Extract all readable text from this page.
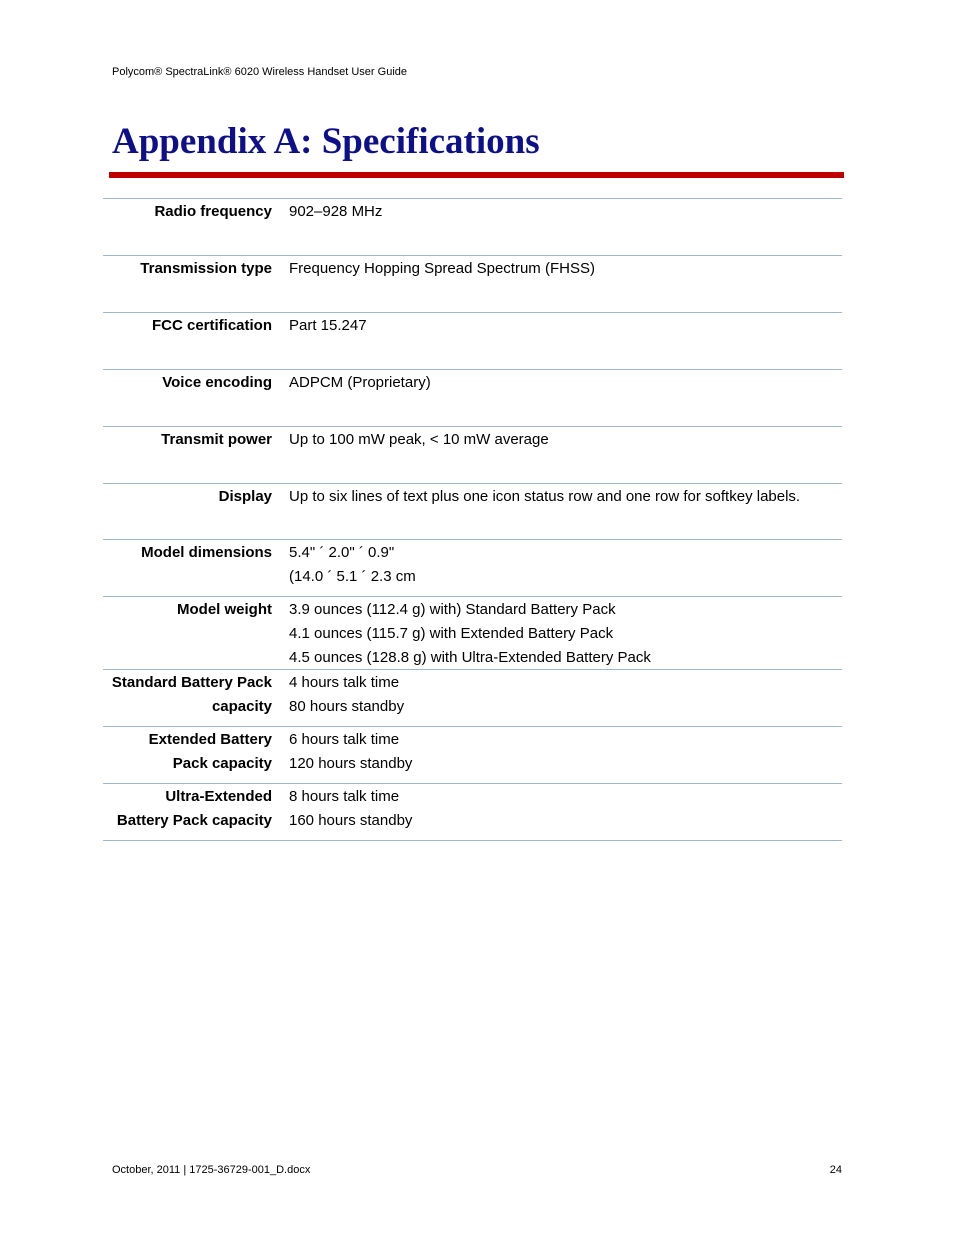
Polycom® SpectraLink® 6020 Wireless Handset User Guide
Appendix A: Specifications
Radio frequency 902–928 MHz
Transmission type Frequency Hopping Spread Spectrum (FHSS)
FCC certification Part 15.247
Voice encoding ADPCM (Proprietary)
Transmit power Up to 100 mW peak, < 10 mW average
Display Up to six lines of text plus one icon status row and one row for softkey labels.
Model dimensions 5.4" ´ 2.0" ´ 0.9"
(14.0 ´ 5.1 ´ 2.3 cm
Model weight 3.9 ounces (112.4 g) with) Standard Battery Pack
4.1 ounces (115.7 g) with Extended Battery Pack
4.5 ounces (128.8 g) with Ultra-Extended Battery Pack
Standard Battery Pack
capacity
4 hours talk time
80 hours standby
Extended Battery
Pack capacity
6 hours talk time
120 hours standby
Ultra-Extended
Battery Pack capacity
8 hours talk time
160 hours standby
October, 2011 | 1725-36729-001_D.docx	24
